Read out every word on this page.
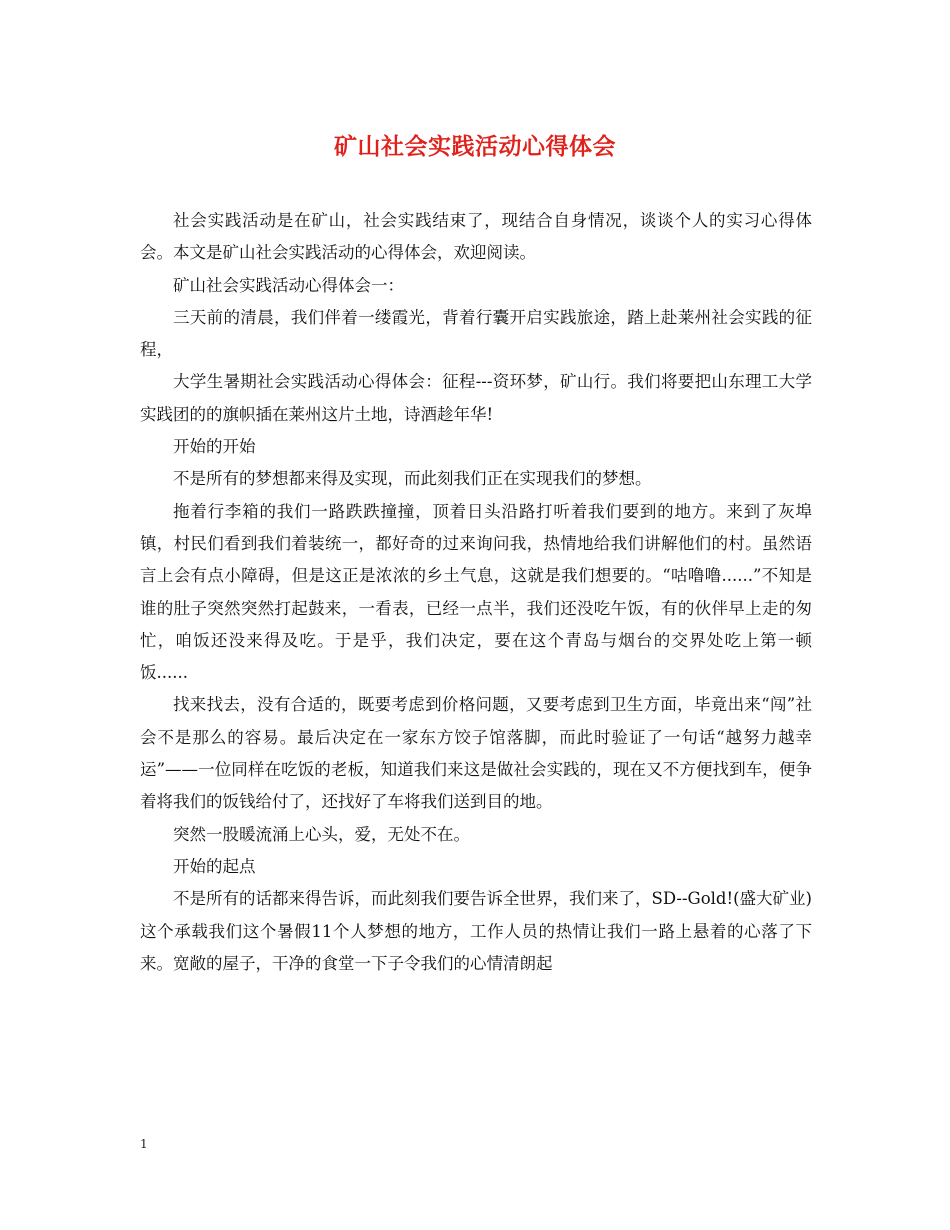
矿山社会实践活动心得体会

社会实践活动是在矿山，社会实践结束了，现结合自身情况，谈谈个人的实习心得体会。本文是矿山社会实践活动的心得体会，欢迎阅读。

矿山社会实践活动心得体会一：

三天前的清晨，我们伴着一缕霞光，背着行囊开启实践旅途，踏上赴莱州社会实践的征程，

大学生暑期社会实践活动心得体会：征程---资环梦，矿山行。我们将要把山东理工大学实践团的的旗帜插在莱州这片土地，诗酒趁年华!

开始的开始

不是所有的梦想都来得及实现，而此刻我们正在实现我们的梦想。

拖着行李箱的我们一路跌跌撞撞，顶着日头沿路打听着我们要到的地方。来到了灰埠镇，村民们看到我们着装统一，都好奇的过来询问我，热情地给我们讲解他们的村。虽然语言上会有点小障碍，但是这正是浓浓的乡土气息，这就是我们想要的。“咕噜噜......”不知是谁的肚子突然突然打起鼓来，一看表，已经一点半，我们还没吃午饭，有的伙伴早上走的匆忙，咱饭还没来得及吃。于是乎，我们决定，要在这个青岛与烟台的交界处吃上第一顿饭......

找来找去，没有合适的，既要考虑到价格问题，又要考虑到卫生方面，毕竟出来“闯”社会不是那么的容易。最后决定在一家东方饺子馆落脚，而此时验证了一句话“越努力越幸运”——一位同样在吃饭的老板，知道我们来这是做社会实践的，现在又不方便找到车，便争着将我们的饭钱给付了，还找好了车将我们送到目的地。

突然一股暖流涌上心头，爱，无处不在。

开始的起点

不是所有的话都来得告诉，而此刻我们要告诉全世界，我们来了，SD--Gold!(盛大矿业) 这个承载我们这个暑假11个人梦想的地方，工作人员的热情让我们一路上悬着的心落了下来。宽敞的屋子，干净的食堂一下子令我们的心情清朗起

1
